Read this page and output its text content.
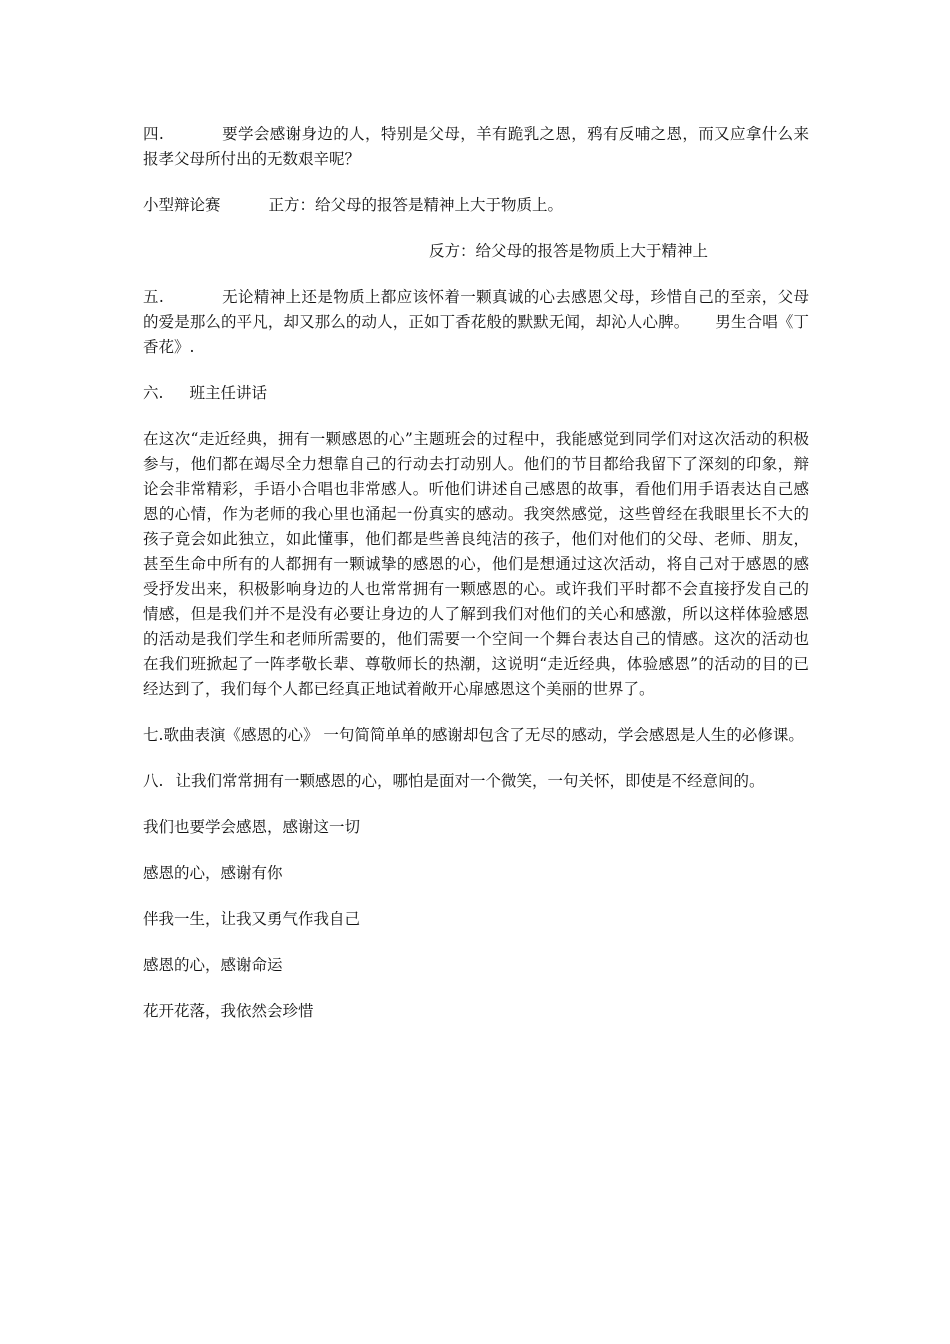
四.	要学会感谢身边的人，特别是父母，羊有跪乳之恩，鸦有反哺之恩，而又应拿什么来报孝父母所付出的无数艰辛呢？

小型辩论赛	正方：给父母的报答是精神上大于物质上。

反方：给父母的报答是物质上大于精神上

五.	无论精神上还是物质上都应该怀着一颗真诚的心去感恩父母，珍惜自己的至亲，父母的爱是那么的平凡，却又那么的动人，正如丁香花般的默默无闻，却沁人心脾。 男生合唱《丁香花》.

六. 班主任讲话

在这次“走近经典，拥有一颗感恩的心”主题班会的过程中，我能感觉到同学们对这次活动的积极参与，他们都在竭尽全力想靠自己的行动去打动别人。他们的节目都给我留下了深刻的印象，辩论会非常精彩，手语小合唱也非常感人。听他们讲述自己感恩的故事，看他们用手语表达自己感恩的心情，作为老师的我心里也涌起一份真实的感动。我突然感觉，这些曾经在我眼里长不大的孩子竟会如此独立，如此懂事，他们都是些善良纯洁的孩子，他们对他们的父母、老师、朋友，甚至生命中所有的人都拥有一颗诚挚的感恩的心，他们是想通过这次活动，将自己对于感恩的感受抒发出来，积极影响身边的人也常常拥有一颗感恩的心。或许我们平时都不会直接抒发自己的情感，但是我们并不是没有必要让身边的人了解到我们对他们的关心和感激，所以这样体验感恩的活动是我们学生和老师所需要的，他们需要一个空间一个舞台表达自己的情感。这次的活动也在我们班掀起了一阵孝敬长辈、尊敬师长的热潮，这说明“走近经典，体验感恩”的活动的目的已经达到了，我们每个人都已经真正地试着敞开心扉感恩这个美丽的世界了。

七.歌曲表演《感恩的心》 一句简简单单的感谢却包含了无尽的感动，学会感恩是人生的必修课。

八. 让我们常常拥有一颗感恩的心，哪怕是面对一个微笑，一句关怀，即使是不经意间的。

我们也要学会感恩，感谢这一切

感恩的心，感谢有你

伴我一生，让我又勇气作我自己

感恩的心，感谢命运

花开花落，我依然会珍惜
